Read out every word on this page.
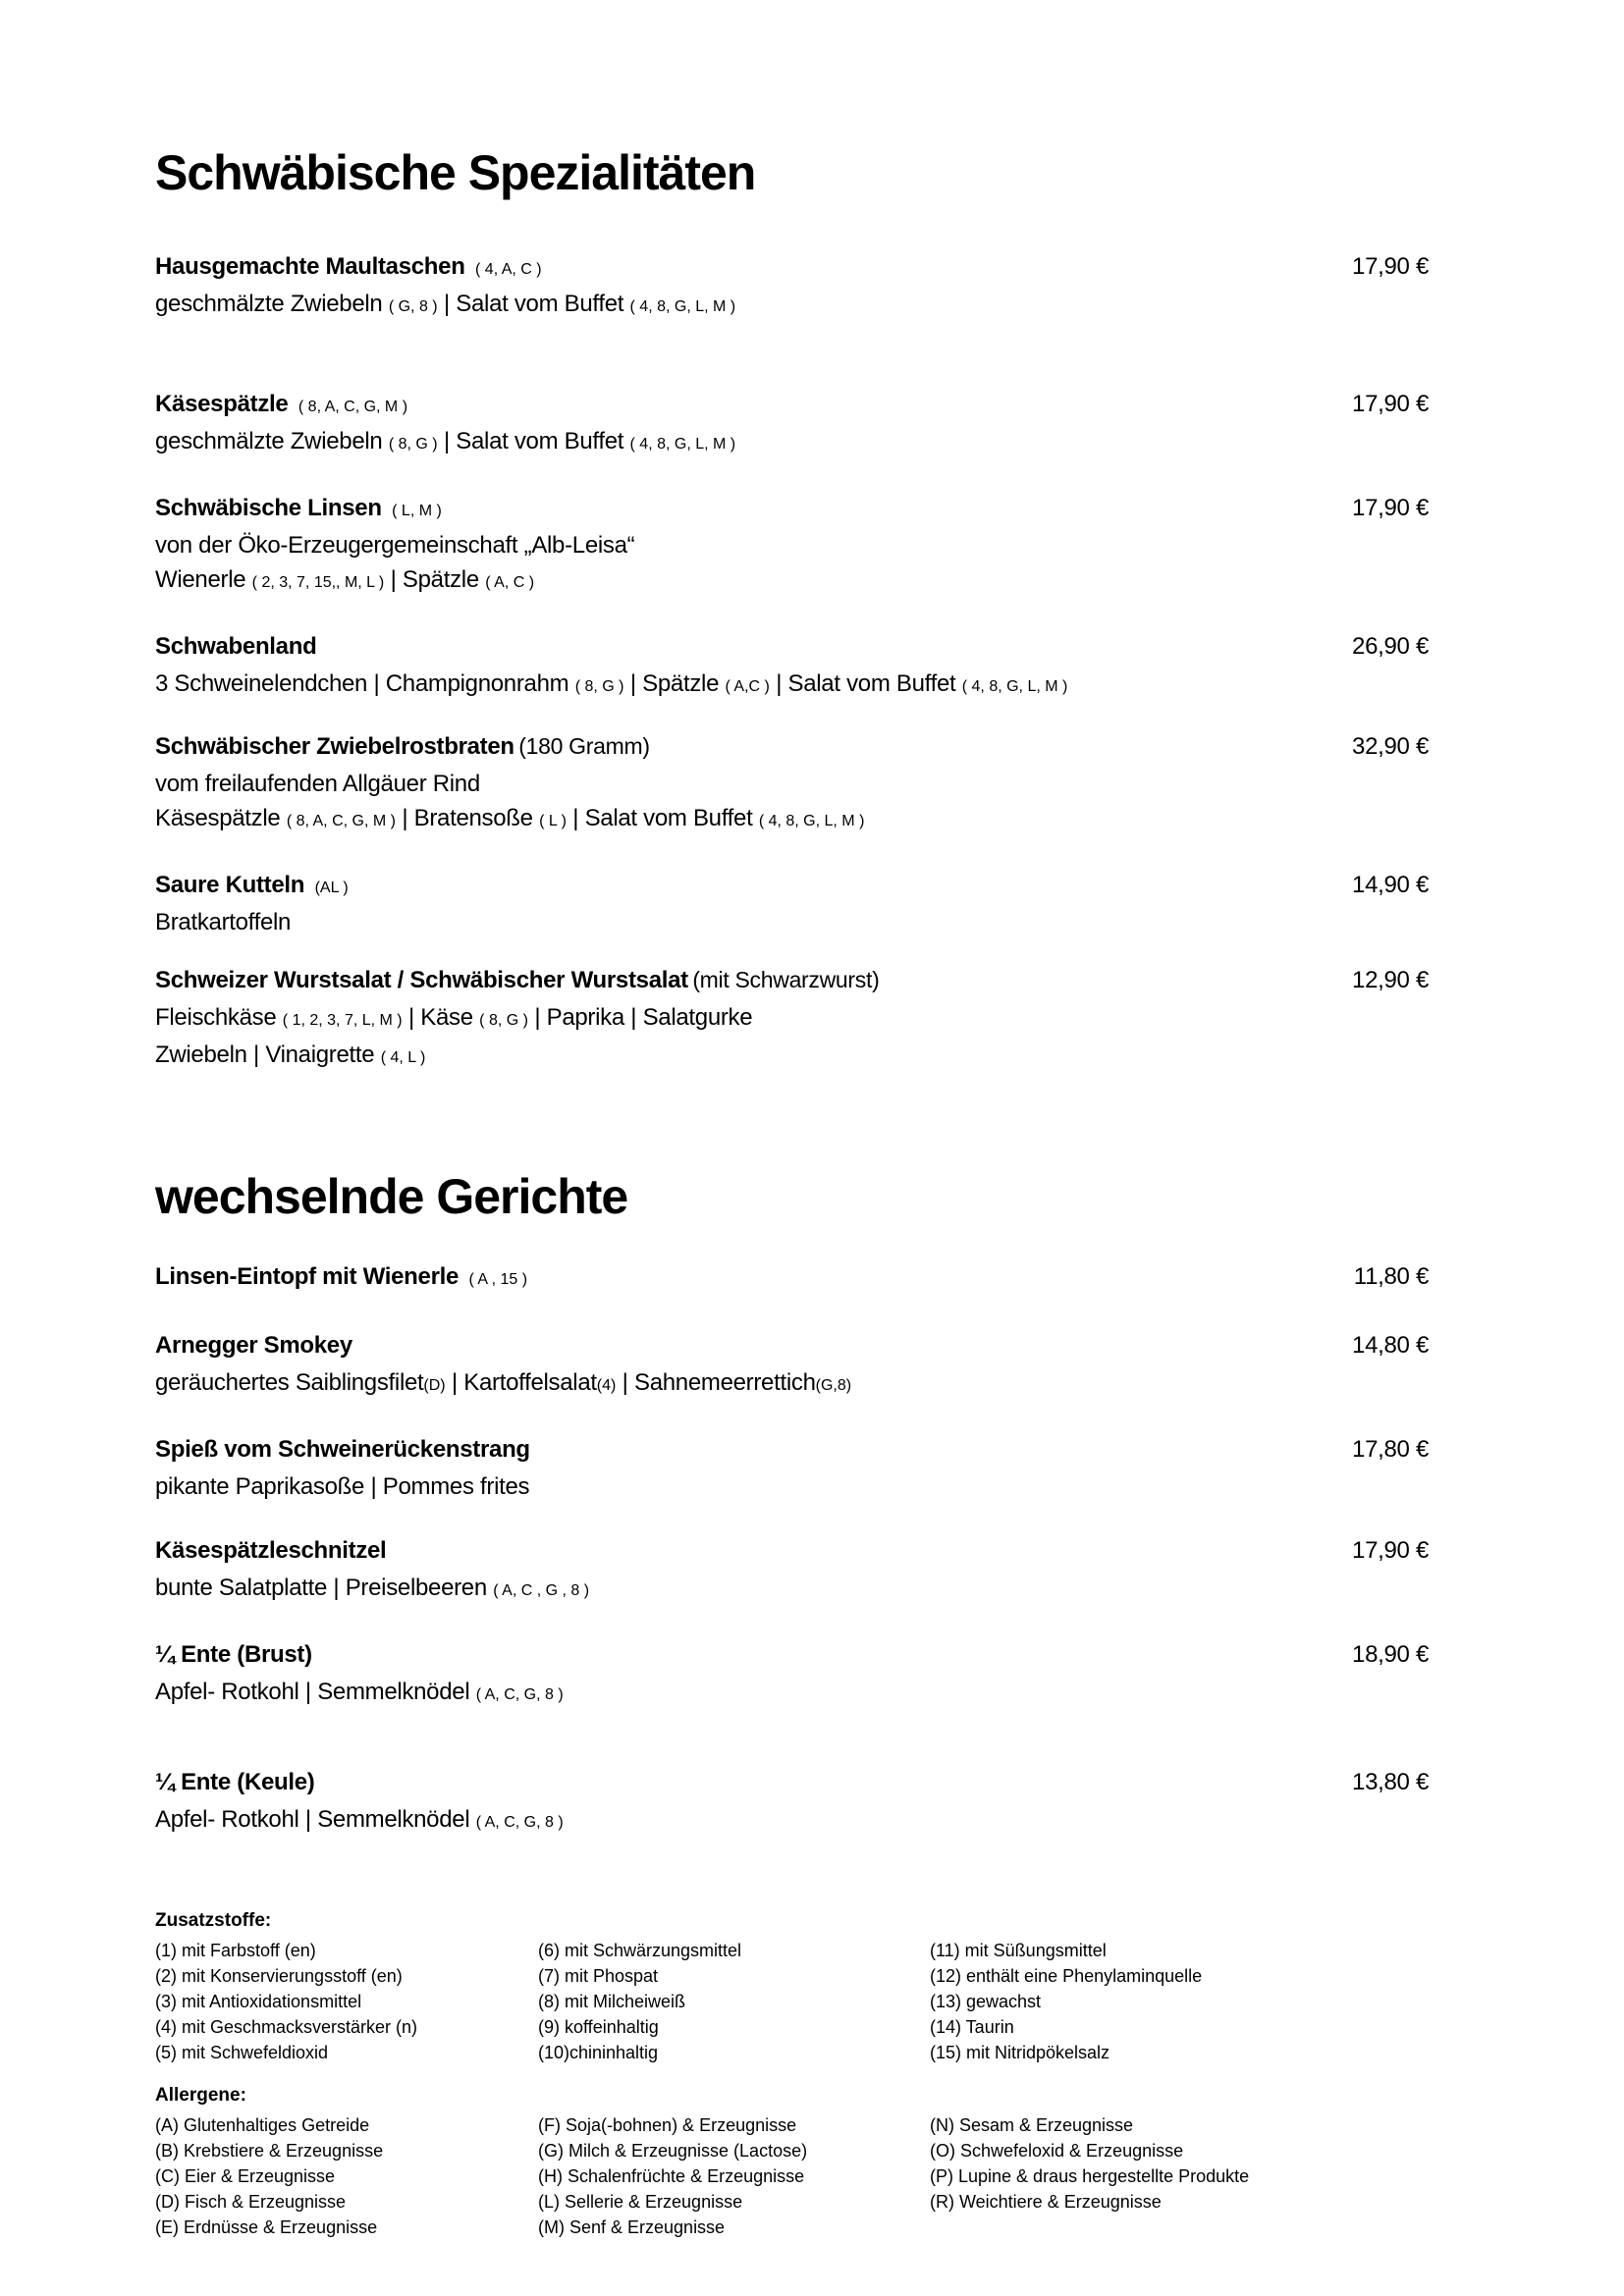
Schwäbische Spezialitäten
Hausgemachte Maultaschen ( 4, A, C )	17,90 €
geschmälzte Zwiebeln ( G, 8 ) | Salat vom Buffet ( 4, 8, G, L, M )
Käsespätzle ( 8, A, C, G, M )	17,90 €
geschmälzte Zwiebeln ( 8, G ) | Salat vom Buffet ( 4, 8, G, L, M )
Schwäbische Linsen ( L, M )	17,90 €
von der Öko-Erzeugergemeinschaft „Alb-Leisa“
Wienerle ( 2, 3, 7, 15,, M, L ) | Spätzle ( A, C )
Schwabenland	26,90 €
3 Schweinelendchen | Champignonrahm ( 8, G ) | Spätzle ( A,C ) | Salat vom Buffet ( 4, 8, G, L, M )
Schwäbischer Zwiebelrostbraten (180 Gramm)	32,90 €
vom freilaufenden Allgäuer Rind
Käsespätzle ( 8, A, C, G, M ) | Bratensoße ( L ) | Salat vom Buffet ( 4, 8, G, L, M )
Saure Kutteln (AL )	14,90 €
Bratkartoffeln
Schweizer Wurstsalat / Schwäbischer Wurstsalat (mit Schwarzwurst)	12,90 €
Fleischkäse ( 1, 2, 3, 7, L, M ) | Käse ( 8, G ) | Paprika | Salatgurke
Zwiebeln | Vinaigrette ( 4, L )
wechselnde Gerichte
Linsen-Eintopf mit Wienerle ( A , 15 )	11,80 €
Arnegger Smokey	14,80 €
geräuchertes Saiblingsfilet(D) | Kartoffelsalat(4) | Sahnemeerrettich(G,8)
Spieß vom Schweinerückenstrang	17,80 €
pikante Paprikasoße | Pommes frites
Käsespätzleschnitzel	17,90 €
bunte Salatplatte | Preiselbeeren ( A, C , G , 8 )
¼ Ente (Brust)	18,90 €
Apfel- Rotkohl | Semmelknödel ( A, C, G, 8 )
¼ Ente (Keule)	13,80 €
Apfel- Rotkohl | Semmelknödel ( A, C, G, 8 )
Zusatzstoffe:
(1) mit Farbstoff (en)
(2) mit Konservierungsstoff (en)
(3) mit Antioxidationsmittel
(4) mit Geschmacksverstärker (n)
(5) mit Schwefeldioxid
(6) mit Schwärzungsmittel
(7) mit Phospat
(8) mit Milcheiweiß
(9) koffeinhaltig
(10)chininhaltig
(11) mit Süßungsmittel
(12) enthält eine Phenylaminquelle
(13) gewachst
(14) Taurin
(15) mit Nitridpökelsalz
Allergene:
(A) Glutenhaltiges Getreide
(B) Krebstiere & Erzeugnisse
(C) Eier & Erzeugnisse
(D) Fisch & Erzeugnisse
(E) Erdnüsse & Erzeugnisse
(F) Soja(-bohnen) & Erzeugnisse
(G) Milch & Erzeugnisse (Lactose)
(H) Schalenfrüchte & Erzeugnisse
(L) Sellerie & Erzeugnisse
(M) Senf & Erzeugnisse
(N) Sesam & Erzeugnisse
(O) Schwefeloxid & Erzeugnisse
(P) Lupine & draus hergestellte Produkte
(R) Weichtiere & Erzeugnisse
